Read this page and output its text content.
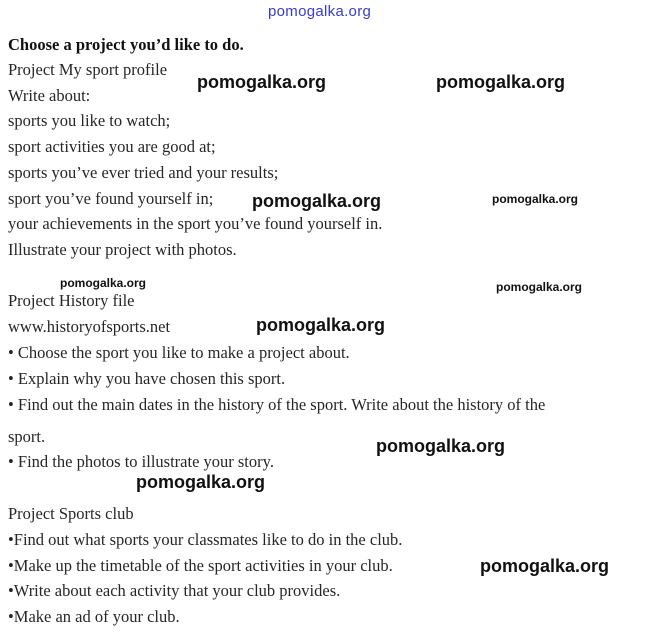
pomogalka.org
Choose a project you’d like to do.
Project My sport profile
Write about:
sports you like to watch;
sport activities you are good at;
sports you’ve ever tried and your results;
sport you’ve found yourself in;
your achievements in the sport you’ve found yourself in.
Illustrate your project with photos.
Project History file
www.historyofsports.net
• Choose the sport you like to make a project about.
• Explain why you have chosen this sport.
• Find out the main dates in the history of the sport. Write about the history of the
sport.
• Find the photos to illustrate your story.
Project Sports club
•Find out what sports your classmates like to do in the club.
•Make up the timetable of the sport activities in your club.
•Write about each activity that your club provides.
•Make an ad of your club.
pomogalka.org	pomogalka.org
pomogalka.org	pomogalka.org
pomogalka.org	pomogalka.org
pomogalka.org
pomogalka.org
pomogalka.org
pomogalka.org
